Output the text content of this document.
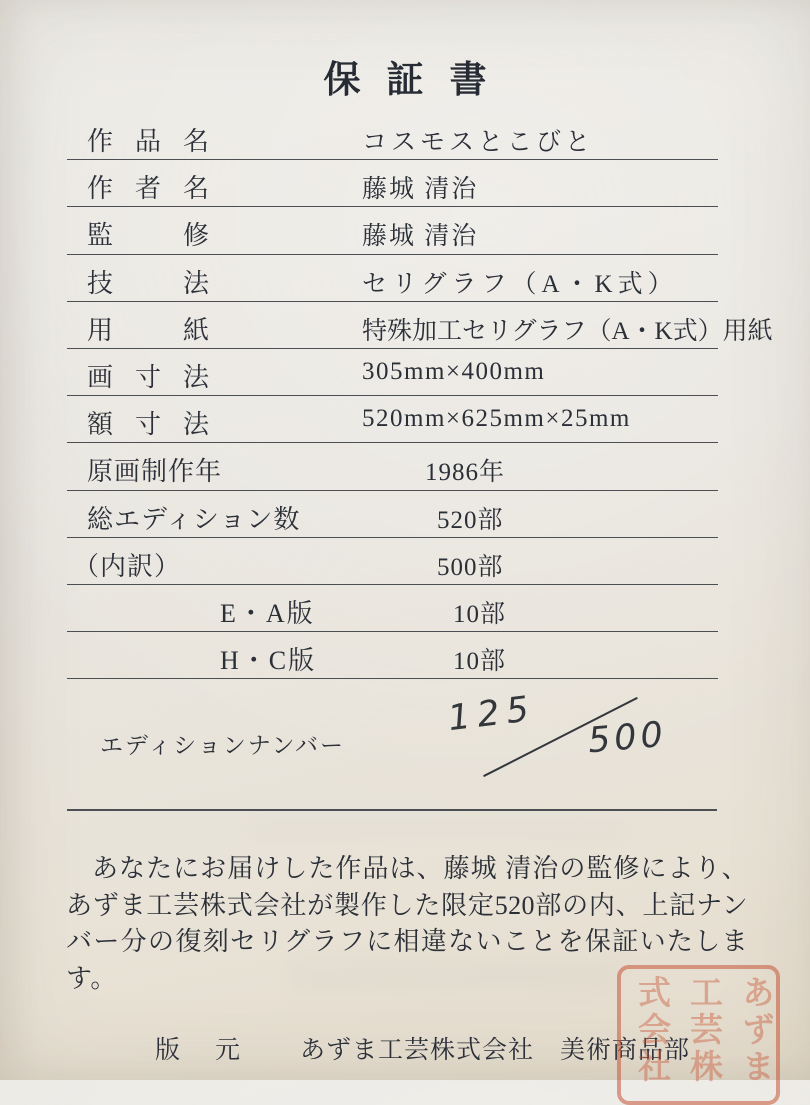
保証書
作品名	コスモスとこびと
作者名	藤城 清治
監修	藤城 清治
技法	セリグラフ（A・K式）
用紙	特殊加工セリグラフ（A・K式）用紙
画寸法	305mm×400mm
額寸法	520mm×625mm×25mm
原画制作年	1986年
総エディション数	520部
（内訳）	500部
E・A版	10部
H・C版	10部
エディションナンバー
125 500

あなたにお届けした作品は、藤城 清治の監修により、あずま工芸株式会社が製作した限定520部の内、上記ナンバー分の復刻セリグラフに相違ないことを保証いたします。

版元 あずま工芸株式会社　美術商品部	あずま工芸株式会社
